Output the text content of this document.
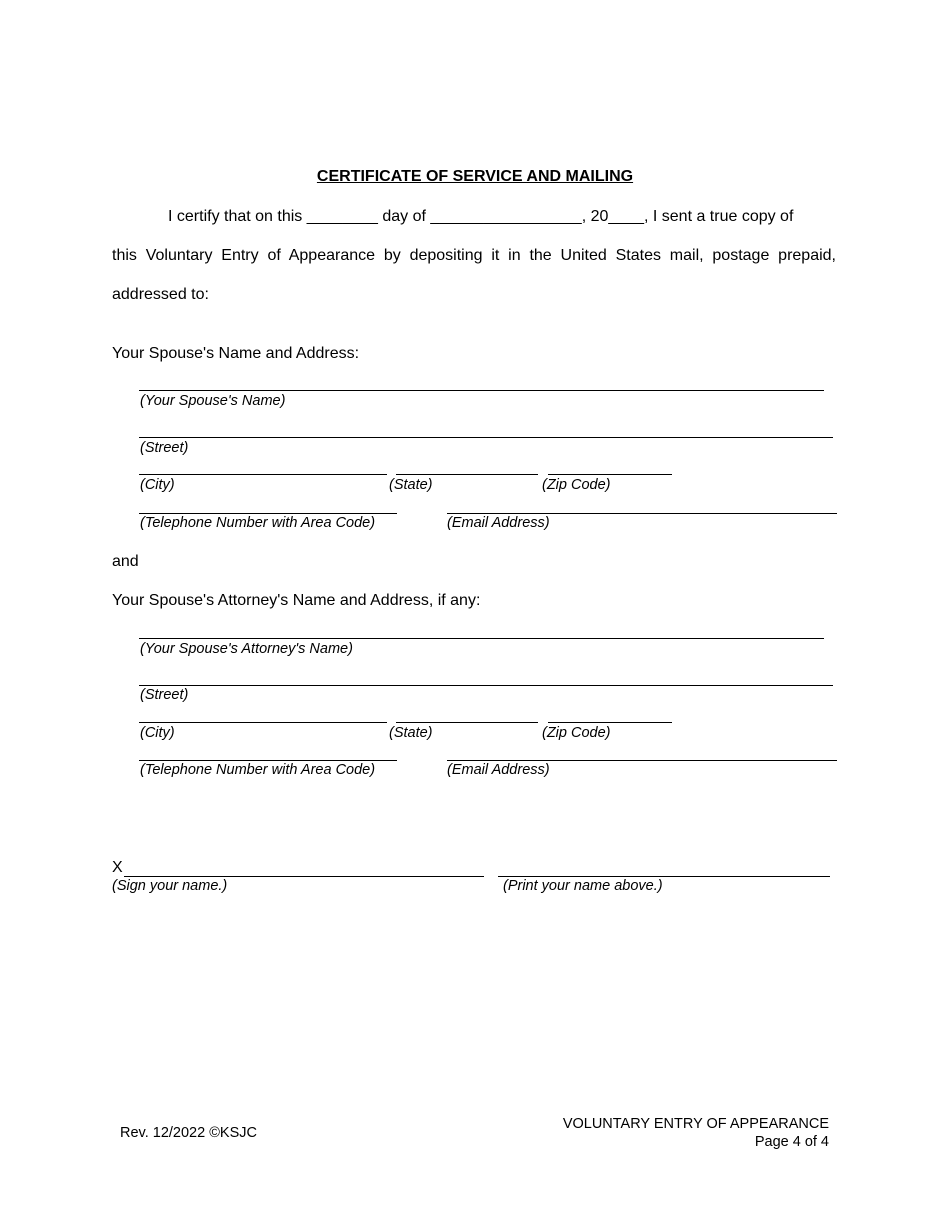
CERTIFICATE OF SERVICE AND MAILING
I certify that on this ________ day of _________________, 20____, I sent a true copy of
this Voluntary Entry of Appearance by depositing it in the United States mail, postage prepaid,
addressed to:
Your Spouse's Name and Address:
(Your Spouse's Name)
(Street)
(City)	(State)	(Zip Code)
(Telephone Number with Area Code)	(Email Address)
and
Your Spouse's Attorney's Name and Address, if any:
(Your Spouse's Attorney's Name)
(Street)
(City)	(State)	(Zip Code)
(Telephone Number with Area Code)	(Email Address)
X
(Sign your name.)	(Print your name above.)
Rev. 12/2022 ©KSJC
VOLUNTARY ENTRY OF APPEARANCE
Page 4 of 4
